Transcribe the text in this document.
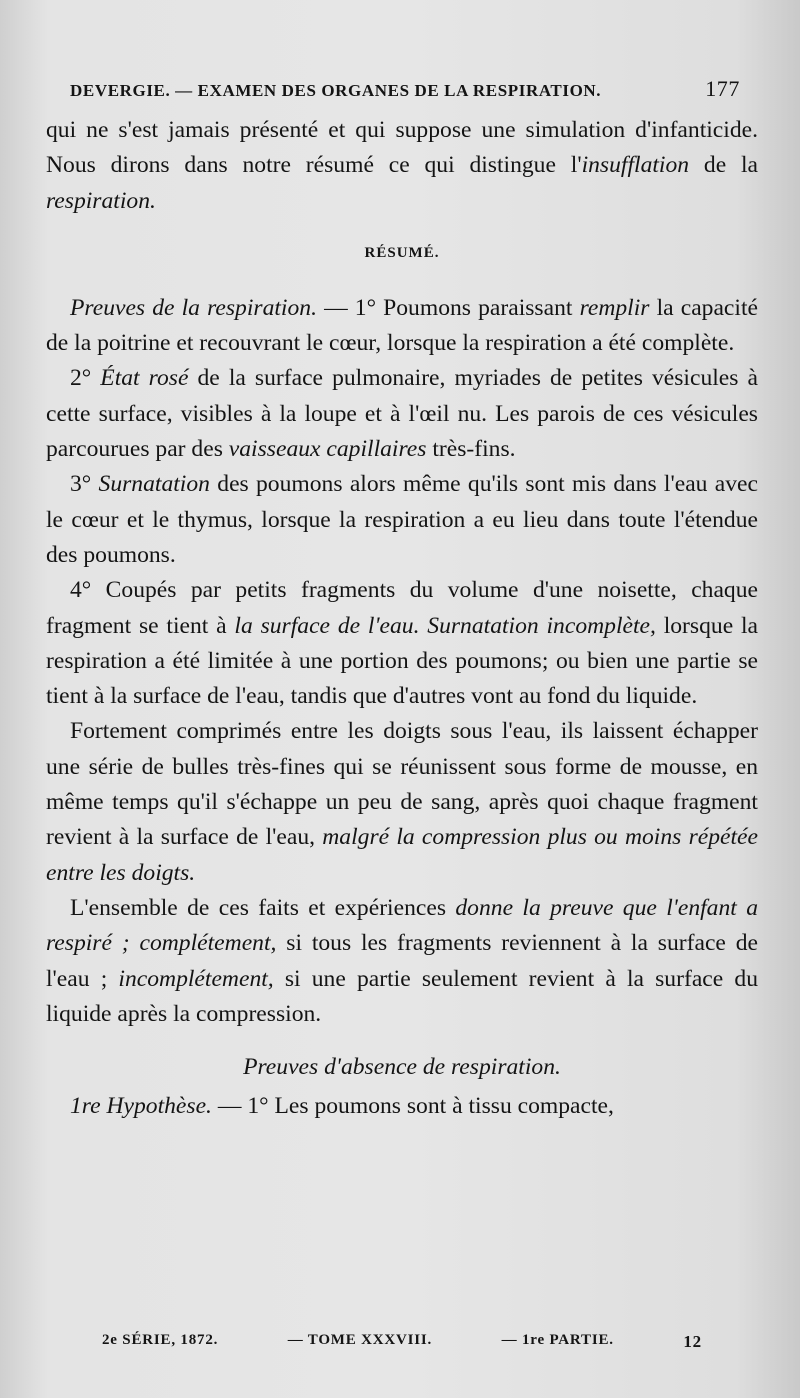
DEVERGIE. — EXAMEN DES ORGANES DE LA RESPIRATION.	177

qui ne s'est jamais présenté et qui suppose une simulation d'infanticide. Nous dirons dans notre résumé ce qui distingue l'insufflation de la respiration.

RÉSUMÉ.

Preuves de la respiration. — 1° Poumons paraissant remplir la capacité de la poitrine et recouvrant le cœur, lorsque la respiration a été complète.

2° État rosé de la surface pulmonaire, myriades de petites vésicules à cette surface, visibles à la loupe et à l'œil nu. Les parois de ces vésicules parcourues par des vaisseaux capillaires très-fins.

3° Surnatation des poumons alors même qu'ils sont mis dans l'eau avec le cœur et le thymus, lorsque la respiration a eu lieu dans toute l'étendue des poumons.

4° Coupés par petits fragments du volume d'une noisette, chaque fragment se tient à la surface de l'eau. Surnatation incomplète, lorsque la respiration a été limitée à une portion des poumons; ou bien une partie se tient à la surface de l'eau, tandis que d'autres vont au fond du liquide.

Fortement comprimés entre les doigts sous l'eau, ils laissent échapper une série de bulles très-fines qui se réunissent sous forme de mousse, en même temps qu'il s'échappe un peu de sang, après quoi chaque fragment revient à la surface de l'eau, malgré la compression plus ou moins répétée entre les doigts.

L'ensemble de ces faits et expériences donne la preuve que l'enfant a respiré ; complétement, si tous les fragments reviennent à la surface de l'eau ; incomplétement, si une partie seulement revient à la surface du liquide après la compression.

Preuves d'absence de respiration.

1re Hypothèse. — 1° Les poumons sont à tissu compacte,

2e SÉRIE, 1872.	— TOME XXXVIII.	— 1re PARTIE.	12
